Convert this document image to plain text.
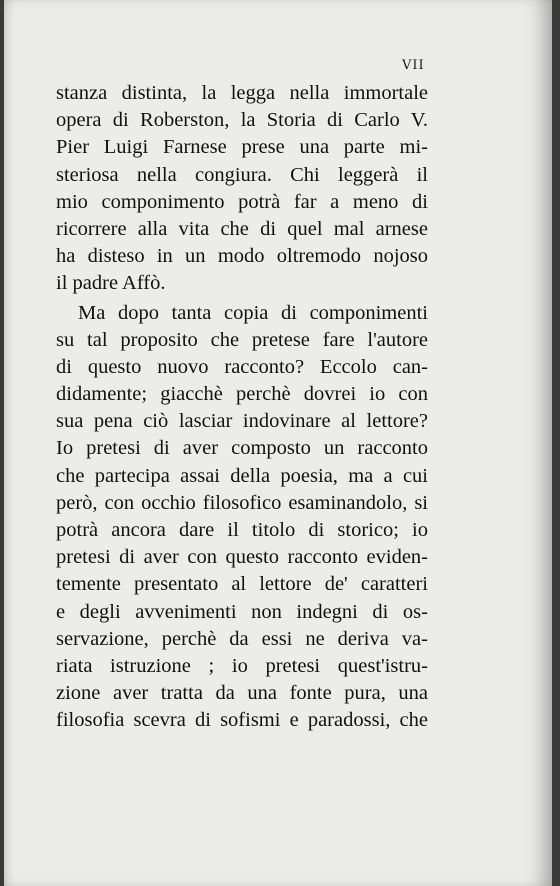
VII
stanza distinta, la legga nella immortale
opera di Roberston, la Storia di Carlo V.
Pier Luigi Farnese prese una parte mi-
steriosa nella congiura. Chi leggerà il
mio componimento potrà far a meno di
ricorrere alla vita che di quel mal arnese
ha disteso in un modo oltremodo nojoso
il padre Affò.
Ma dopo tanta copia di componimenti
su tal proposito che pretese fare l'autore
di questo nuovo racconto? Eccolo can-
didamente; giacchè perchè dovrei io con
sua pena ciò lasciar indovinare al lettore?
Io pretesi di aver composto un racconto
che partecipa assai della poesia, ma a cui
però, con occhio filosofico esaminandolo, si
potrà ancora dare il titolo di storico; io
pretesi di aver con questo racconto eviden-
temente presentato al lettore de' caratteri
e degli avvenimenti non indegni di os-
servazione, perchè da essi ne deriva va-
riata istruzione ; io pretesi quest'istru-
zione aver tratta da una fonte pura, una
filosofia scevra di sofismi e paradossi, che
